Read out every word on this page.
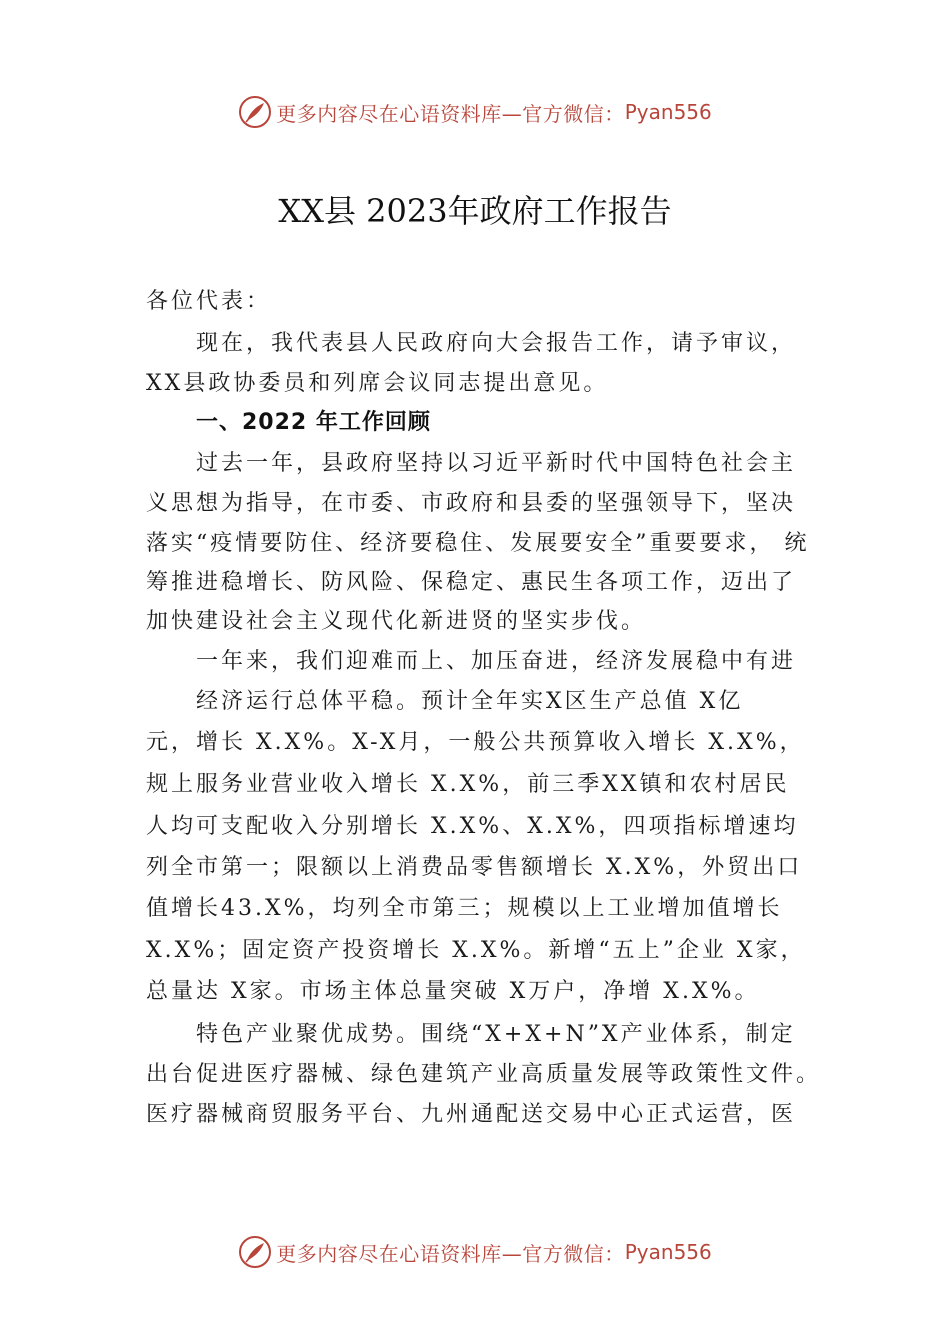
更多内容尽在心语资料库—官方微信： Pyan556
XX县 2023年政府工作报告
各位代表：
现在，我代表县人民政府向大会报告工作，请予审议，
XX县政协委员和列席会议同志提出意见。
一、2022 年工作回顾
过去一年，县政府坚持以习近平新时代中国特色社会主
义思想为指导，在市委、市政府和县委的坚强领导下，坚决
落实“疫情要防住、经济要稳住、发展要安全”重要要求， 统
筹推进稳增长、防风险、保稳定、惠民生各项工作，迈出了
加快建设社会主义现代化新进贤的坚实步伐。
一年来，我们迎难而上、加压奋进，经济发展稳中有进
经济运行总体平稳。预计全年实X区生产总值 X亿
元，增长 X.X%。X-X月，一般公共预算收入增长 X.X%，
规上服务业营业收入增长 X.X%，前三季XX镇和农村居民
人均可支配收入分别增长 X.X%、X.X%，四项指标增速均
列全市第一；限额以上消费品零售额增长 X.X%，外贸出口
值增长43.X%，均列全市第三；规模以上工业增加值增长
X.X%；固定资产投资增长 X.X%。新增“五上”企业 X家，
总量达 X家。市场主体总量突破 X万户，净增 X.X%。
特色产业聚优成势。围绕“X+X+N”X产业体系，制定
出台促进医疗器械、绿色建筑产业高质量发展等政策性文件。
医疗器械商贸服务平台、九州通配送交易中心正式运营，医
更多内容尽在心语资料库—官方微信： Pyan556
